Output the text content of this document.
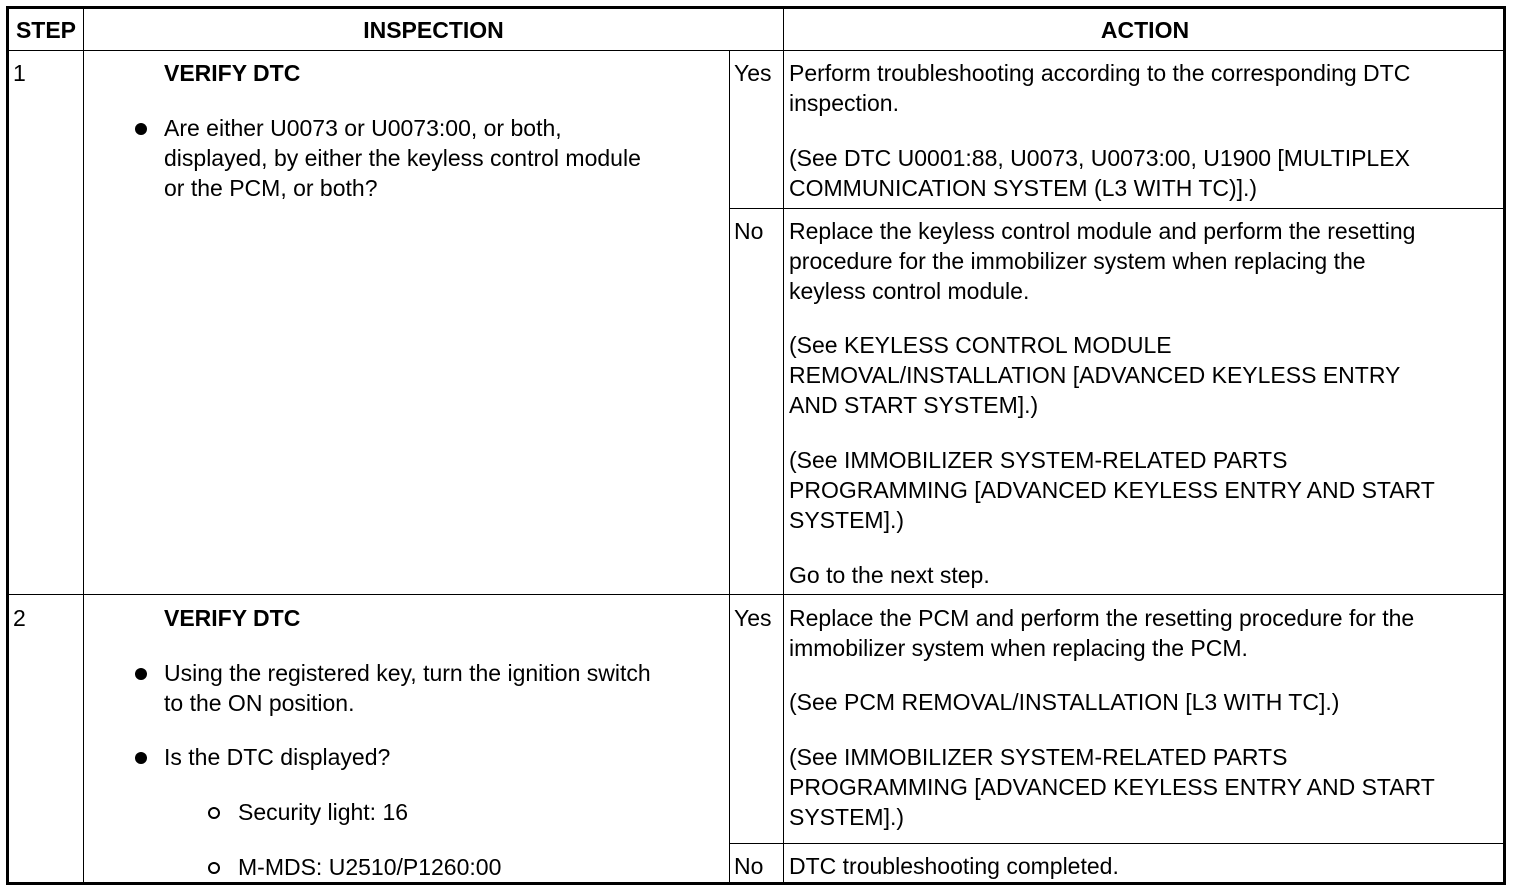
STEP	INSPECTION	ACTION
1	VERIFY DTC
Are either U0073 or U0073:00, or both,
displayed, by either the keyless control module
or the PCM, or both?
Yes Perform troubleshooting according to the corresponding DTC
inspection.
(See DTC U0001:88, U0073, U0073:00, U1900 [MULTIPLEX
COMMUNICATION SYSTEM (L3 WITH TC)].)
No Replace the keyless control module and perform the resetting
procedure for the immobilizer system when replacing the
keyless control module.
(See KEYLESS CONTROL MODULE
REMOVAL/INSTALLATION [ADVANCED KEYLESS ENTRY
AND START SYSTEM].)
(See IMMOBILIZER SYSTEM-RELATED PARTS
PROGRAMMING [ADVANCED KEYLESS ENTRY AND START
SYSTEM].)
Go to the next step.
2	VERIFY DTC
Using the registered key, turn the ignition switch
to the ON position.
Is the DTC displayed?
Security light: 16
M-MDS: U2510/P1260:00
Yes Replace the PCM and perform the resetting procedure for the
immobilizer system when replacing the PCM.
(See PCM REMOVAL/INSTALLATION [L3 WITH TC].)
(See IMMOBILIZER SYSTEM-RELATED PARTS
PROGRAMMING [ADVANCED KEYLESS ENTRY AND START
SYSTEM].)
No DTC troubleshooting completed.
